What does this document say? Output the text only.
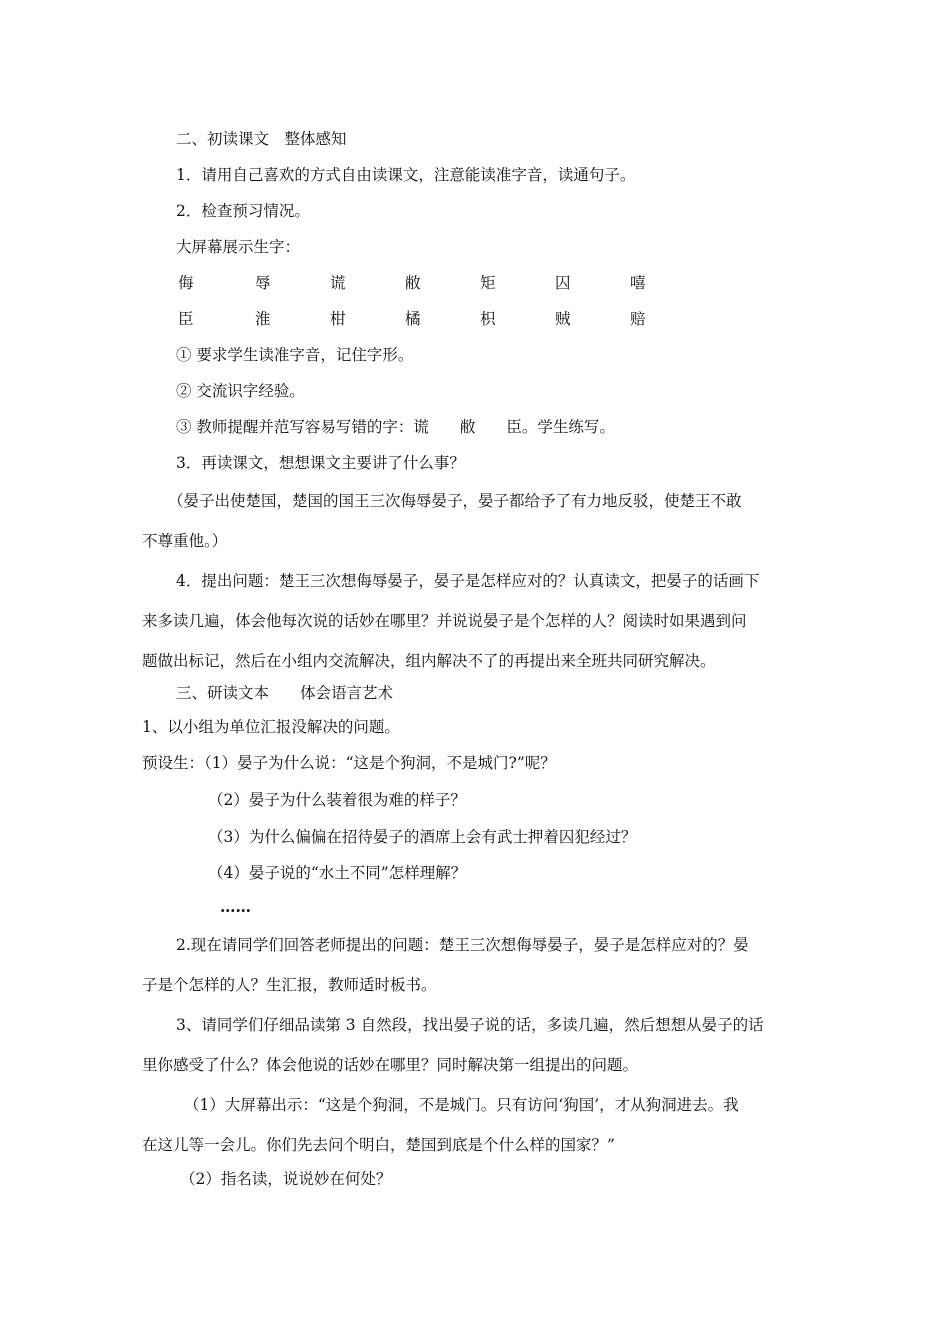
二、初读课文　整体感知
1．请用自己喜欢的方式自由读课文，注意能读准字音，读通句子。
2．检查预习情况。
大屏幕展示生字：
侮	辱	谎	敝	矩	囚	嘻
臣	淮	柑	橘	枳	贼	赔
① 要求学生读准字音，记住字形。
② 交流识字经验。
③ 教师提醒并范写容易写错的字：谎　　敝　　臣。学生练写。
3．再读课文，想想课文主要讲了什么事？
（晏子出使楚国，楚国的国王三次侮辱晏子，晏子都给予了有力地反驳，使楚王不敢
不尊重他。）
4．提出问题：楚王三次想侮辱晏子，晏子是怎样应对的？认真读文，把晏子的话画下
来多读几遍，体会他每次说的话妙在哪里？并说说晏子是个怎样的人？阅读时如果遇到问
题做出标记，然后在小组内交流解决，组内解决不了的再提出来全班共同研究解决。
三、研读文本　　体会语言艺术
1、以小组为单位汇报没解决的问题。
预设生：（1）晏子为什么说：“这是个狗洞，不是城门?”呢？
（2）晏子为什么装着很为难的样子？
（3）为什么偏偏在招待晏子的酒席上会有武士押着囚犯经过？
（4）晏子说的“水土不同”怎样理解？
……
2.现在请同学们回答老师提出的问题：楚王三次想侮辱晏子，晏子是怎样应对的？晏
子是个怎样的人？生汇报，教师适时板书。
3、请同学们仔细品读第 3 自然段，找出晏子说的话，多读几遍，然后想想从晏子的话
里你感受了什么？体会他说的话妙在哪里？同时解决第一组提出的问题。
（1）大屏幕出示：“这是个狗洞，不是城门。只有访问‘狗国’，才从狗洞进去。我
在这儿等一会儿。你们先去问个明白，楚国到底是个什么样的国家？”
（2）指名读，说说妙在何处？
